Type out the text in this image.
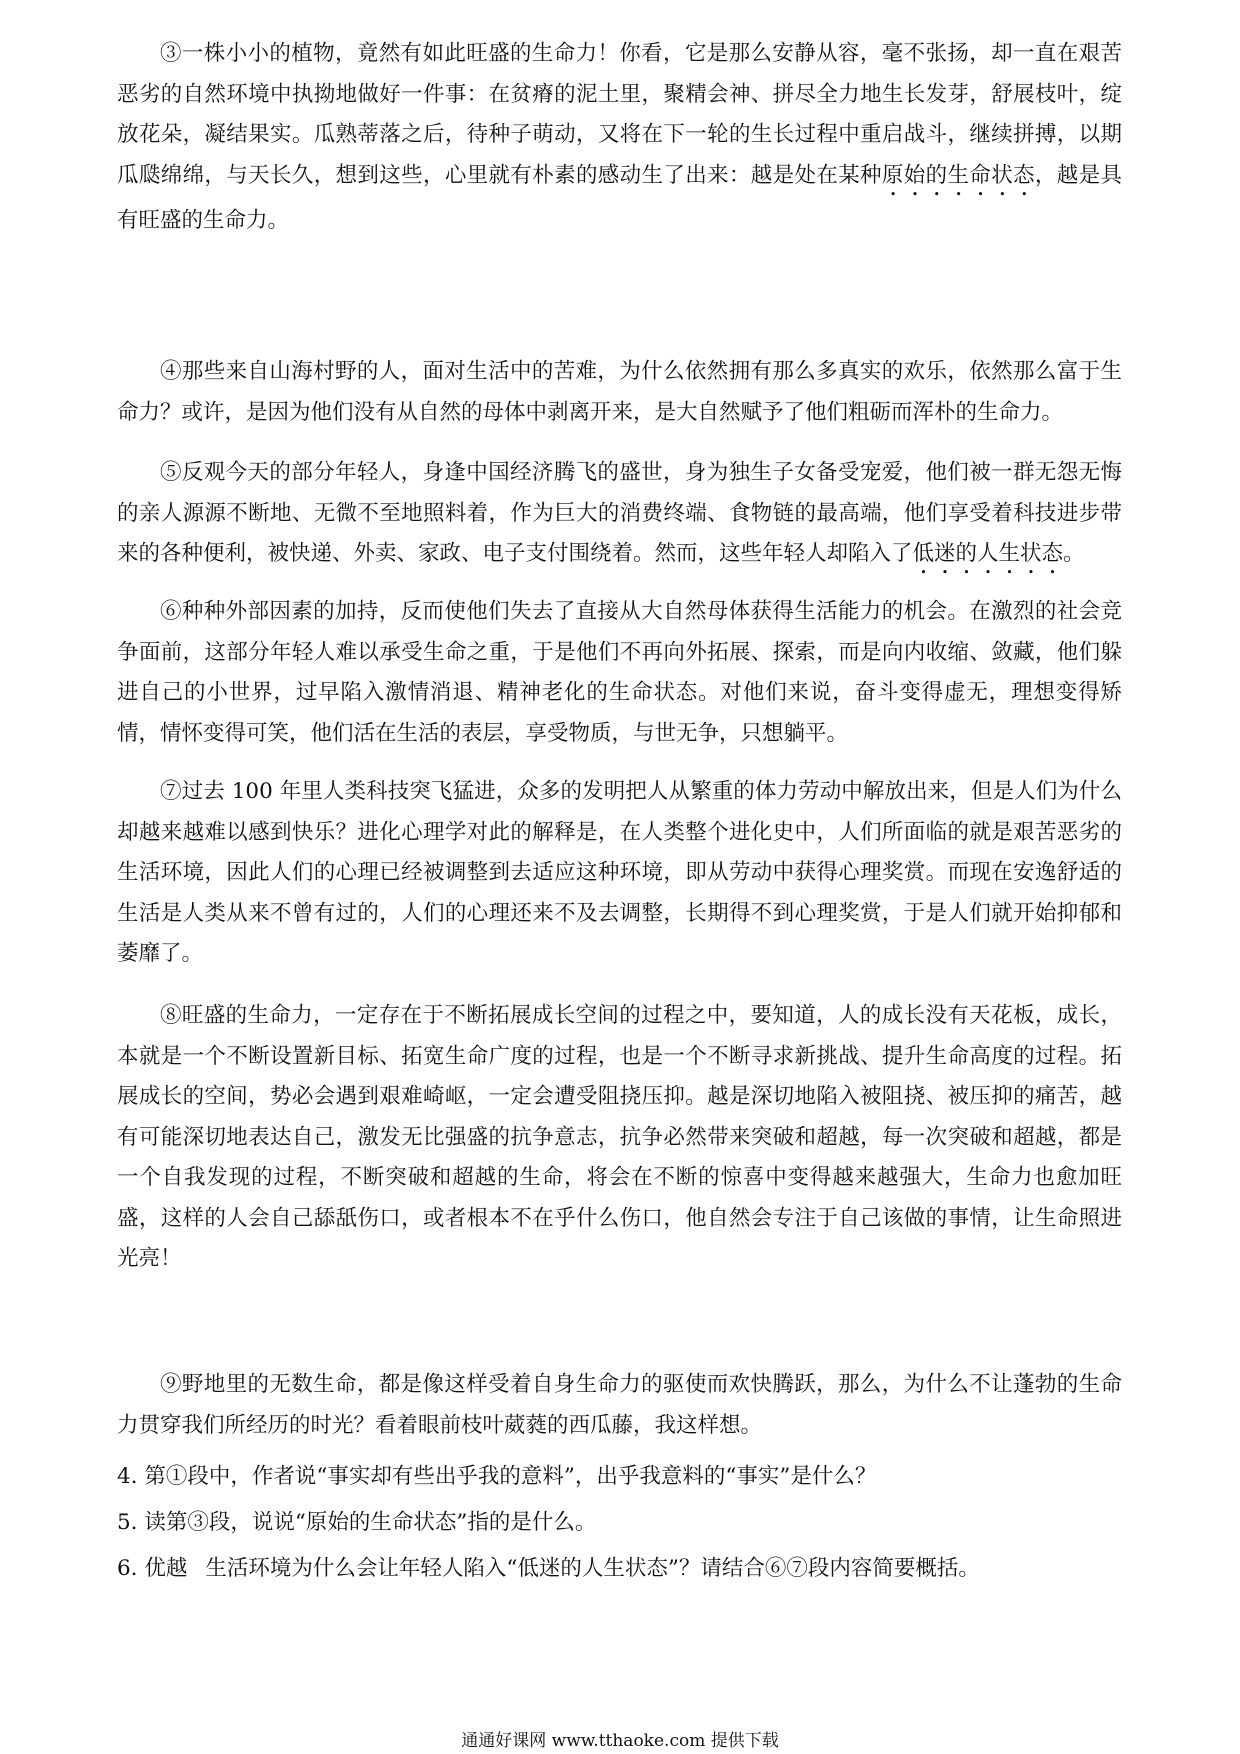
③一株小小的植物，竟然有如此旺盛的生命力！你看，它是那么安静从容，毫不张扬，却一直在艰苦恶劣的自然环境中执拗地做好一件事：在贫瘠的泥土里，聚精会神、拼尽全力地生长发芽，舒展枝叶，绽放花朵，凝结果实。瓜熟蒂落之后，待种子萌动，又将在下一轮的生长过程中重启战斗，继续拼搏，以期瓜瓞绵绵，与天长久，想到这些，心里就有朴素的感动生了出来：越是处在某种原始的生命状态，越是具有旺盛的生命力。

④那些来自山海村野的人，面对生活中的苦难，为什么依然拥有那么多真实的欢乐，依然那么富于生命力？或许，是因为他们没有从自然的母体中剥离开来，是大自然赋予了他们粗砺而浑朴的生命力。

⑤反观今天的部分年轻人，身逢中国经济腾飞的盛世，身为独生子女备受宠爱，他们被一群无怨无悔的亲人源源不断地、无微不至地照料着，作为巨大的消费终端、食物链的最高端，他们享受着科技进步带来的各种便利，被快递、外卖、家政、电子支付围绕着。然而，这些年轻人却陷入了低迷的人生状态。

⑥种种外部因素的加持，反而使他们失去了直接从大自然母体获得生活能力的机会。在激烈的社会竞争面前，这部分年轻人难以承受生命之重，于是他们不再向外拓展、探索，而是向内收缩、敛藏，他们躲进自己的小世界，过早陷入激情消退、精神老化的生命状态。对他们来说，奋斗变得虚无，理想变得矫情，情怀变得可笑，他们活在生活的表层，享受物质，与世无争，只想躺平。

⑦过去 100 年里人类科技突飞猛进，众多的发明把人从繁重的体力劳动中解放出来，但是人们为什么却越来越难以感到快乐？进化心理学对此的解释是，在人类整个进化史中，人们所面临的就是艰苦恶劣的生活环境，因此人们的心理已经被调整到去适应这种环境，即从劳动中获得心理奖赏。而现在安逸舒适的生活是人类从来不曾有过的，人们的心理还来不及去调整，长期得不到心理奖赏，于是人们就开始抑郁和萎靡了。

⑧旺盛的生命力，一定存在于不断拓展成长空间的过程之中，要知道，人的成长没有天花板，成长，本就是一个不断设置新目标、拓宽生命广度的过程，也是一个不断寻求新挑战、提升生命高度的过程。拓展成长的空间，势必会遇到艰难崎岖，一定会遭受阻挠压抑。越是深切地陷入被阻挠、被压抑的痛苦，越有可能深切地表达自己，激发无比强盛的抗争意志，抗争必然带来突破和超越，每一次突破和超越，都是一个自我发现的过程，不断突破和超越的生命，将会在不断的惊喜中变得越来越强大，生命力也愈加旺盛，这样的人会自己舔舐伤口，或者根本不在乎什么伤口，他自然会专注于自己该做的事情，让生命照进光亮！

⑨野地里的无数生命，都是像这样受着自身生命力的驱使而欢快腾跃，那么，为什么不让蓬勃的生命力贯穿我们所经历的时光？看着眼前枝叶葳蕤的西瓜藤，我这样想。

4. 第①段中，作者说“事实却有些出乎我的意料”，出乎我意料的“事实”是什么？

5. 读第③段，说说“原始的生命状态”指的是什么。

6. 优越 生活环境为什么会让年轻人陷入“低迷的人生状态”？请结合⑥⑦段内容简要概括。

通通好课网 www.tthaoke.com 提供下载
